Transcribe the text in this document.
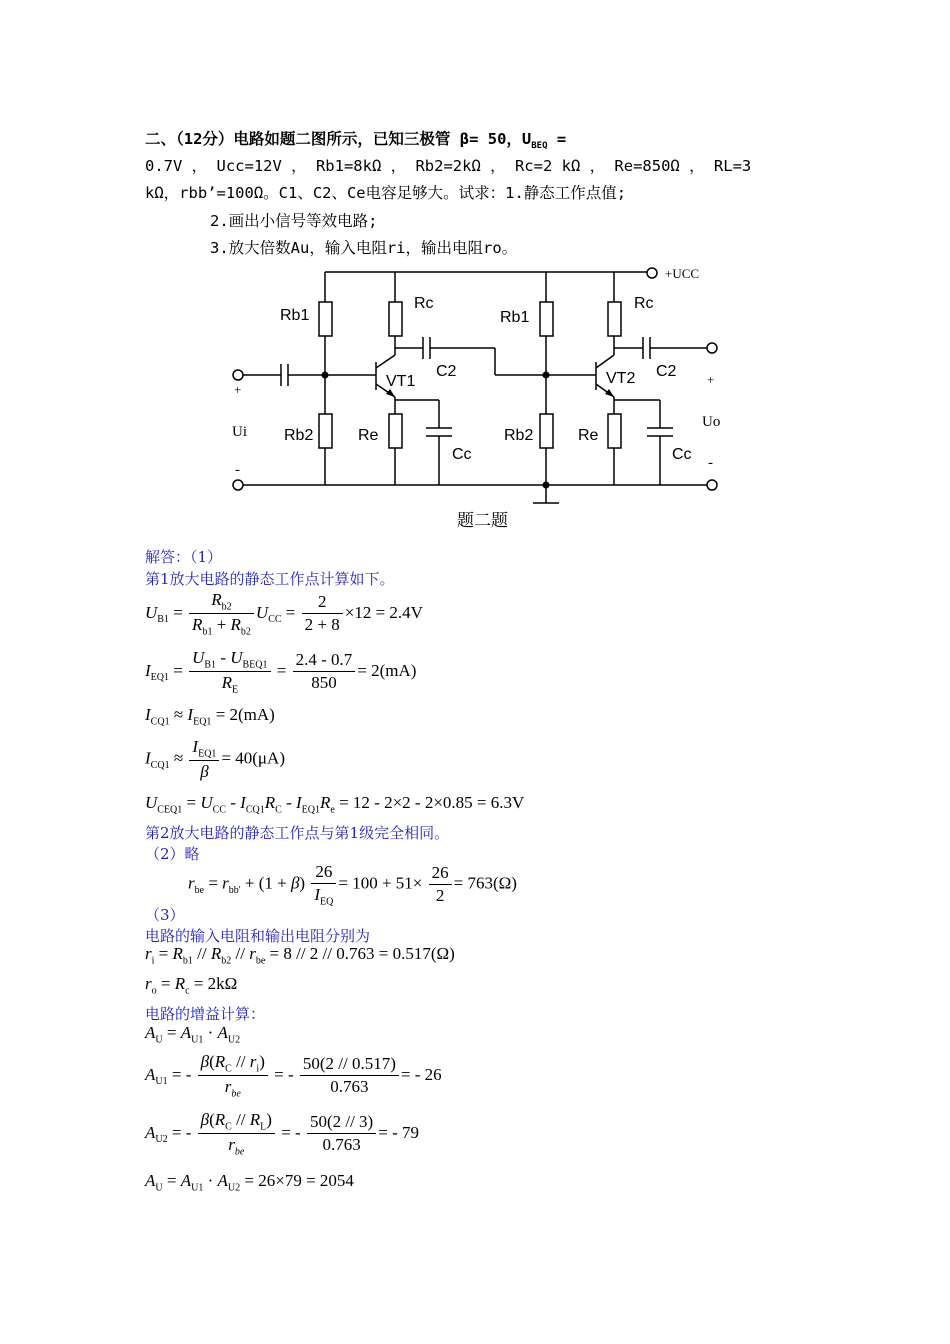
二、（12分）电路如题二图所示，已知三极管 β= 50，$U_{BEQ}$ =
0.7V ， Ucc=12V ， Rb1=8kΩ ， Rb2=2kΩ ， Rc=2 kΩ ， Re=850Ω ， RL=3
kΩ，rbb’=100Ω。C1、C2、Ce电容足够大。试求：1.静态工作点值;
2.画出小信号等效电路;
3.放大倍数Au，输入电阻ri，输出电阻ro。
+UCC
Rb1
Rc
C2
VT1
Rb2	Re
Cc
Rb1
Rc
C2
VT2
Rb2	Re
Cc
+
Ui
-
+
Uo
-
题二题
解答：（1）
第1放大电路的静态工作点计算如下。
$U_{B1} = \frac{R_{b2}}{R_{b1} + R_{b2}} U_{CC} = \frac{2}{2 + 8} \times 12 = 2.4V$
$I_{EQ1} = \frac{U_{B1} - U_{BEQ1}}{R_E} = \frac{2.4 - 0.7}{850} = 2(mA)$
$I_{CQ1} \approx I_{EQ1} = 2(mA)$
$I_{CQ1} \approx \frac{I_{EQ1}}{\beta} = 40(\mu A)$
$U_{CEQ1} = U_{CC} - I_{CQ1}R_C - I_{EQ1}R_e = 12 - 2\times 2 - 2\times 0.85 = 6.3V$
第2放大电路的静态工作点与第1级完全相同。
（2）略
$r_{be} = r_{bb'} + (1 + \beta) \frac{26}{I_{EQ}} = 100 + 51\times \frac{26}{2} = 763(\Omega)$
（3）
电路的输入电阻和输出电阻分别为
$r_i = R_{b1} // R_{b2} // r_{be} = 8 // 2 // 0.763 = 0.517(\Omega)$
$r_o = R_c = 2k\Omega$
电路的增益计算：
$A_U = A_{U1} \cdot A_{U2}$
$A_{U1}$ = - $\frac{\beta(R_C // r_i)}{r_{be}}$ = - $\frac{50(2 // 0.517)}{0.763}$ = - 26
$A_{U2}$ = - $\frac{\beta(R_C // R_L)}{r_{be}}$ = - $\frac{50(2 // 3)}{0.763}$ = - 79
$A_U = A_{U1} \cdot A_{U2} = 26\times 79 = 2054$
